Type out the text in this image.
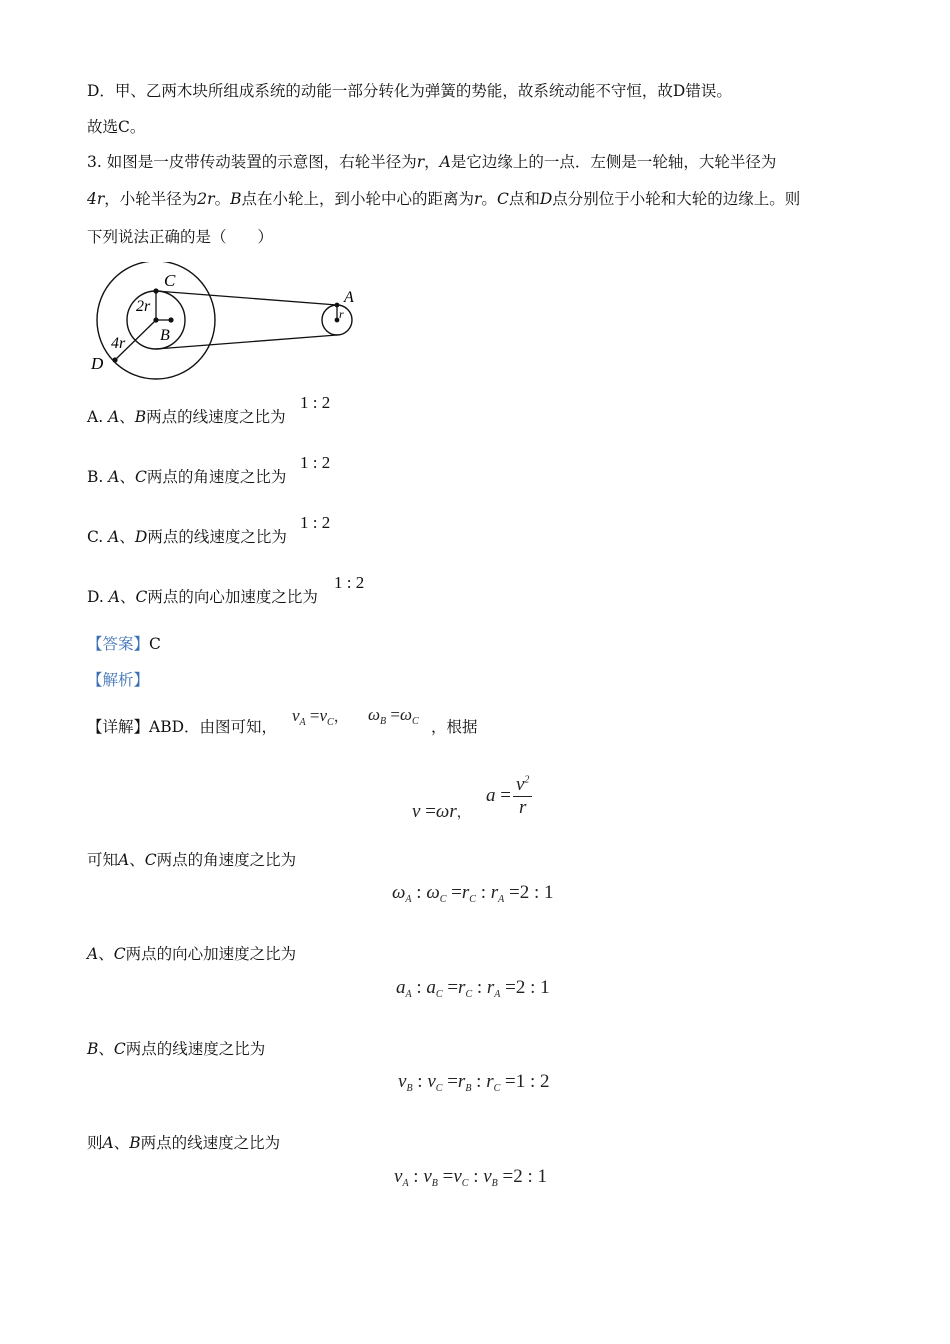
D．甲、乙两木块所组成系统的动能一部分转化为弹簧的势能，故系统动能不守恒，故D错误。
故选C。
3. 如图是一皮带传动装置的示意图，右轮半径为r，A是它边缘上的一点．左侧是一轮轴，大轮半径为
4r，小轮半径为2r。B点在小轮上，到小轮中心的距离为r。C点和D点分别位于小轮和大轮的边缘上。则
下列说法正确的是（　　）
C
2r
B
4r
D
A
r
A. A、B两点的线速度之比为
1 : 2
B. A、C两点的角速度之比为
1 : 2
C. A、D两点的线速度之比为
1 : 2
D. A、C两点的向心加速度之比为
1 : 2
【答案】C
【解析】
【详解】ABD．由图可知，
$v_A =v_C$， $\omega_B =\omega_C$ ，根据
v =ωr，
$a = \frac{v^2}{r}$
可知A、C两点的角速度之比为
$\omega_A$ : $\omega_C =r_C$ : $r_A =2$ : 1
A、C两点的向心加速度之比为
$a_A$ : $a_C =r_C$ : $r_A =2$ : 1
B、C两点的线速度之比为
$v_B$ : $v_C =r_B$ : $r_C =1$ : 2
则A、B两点的线速度之比为
$v_A$ : $v_B =v_C$ : $v_B =2$ : 1
